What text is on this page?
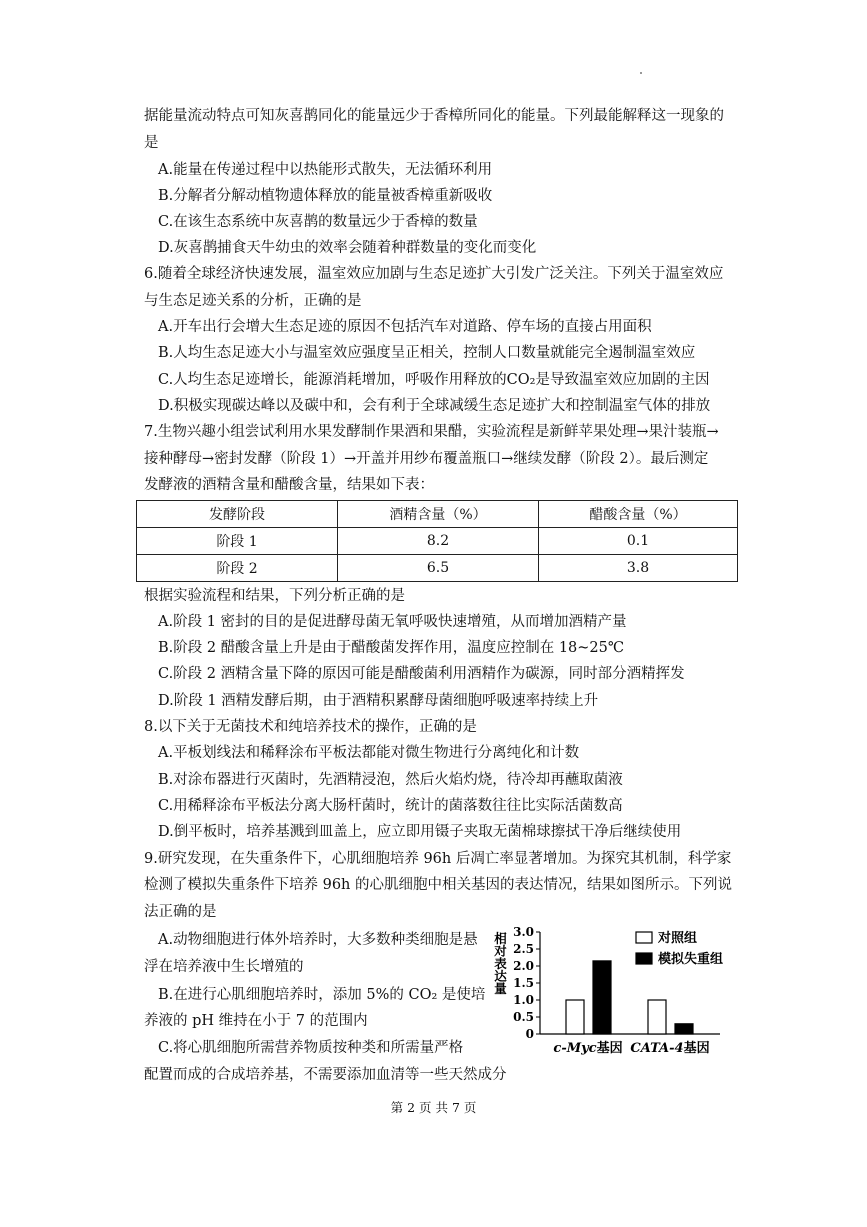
据能量流动特点可知灰喜鹊同化的能量远少于香樟所同化的能量。下列最能解释这一现象的
是
A.能量在传递过程中以热能形式散失，无法循环利用
B.分解者分解动植物遗体释放的能量被香樟重新吸收
C.在该生态系统中灰喜鹊的数量远少于香樟的数量
D.灰喜鹊捕食天牛幼虫的效率会随着种群数量的变化而变化
6.随着全球经济快速发展，温室效应加剧与生态足迹扩大引发广泛关注。下列关于温室效应
与生态足迹关系的分析，正确的是
A.开车出行会增大生态足迹的原因不包括汽车对道路、停车场的直接占用面积
B.人均生态足迹大小与温室效应强度呈正相关，控制人口数量就能完全遏制温室效应
C.人均生态足迹增长，能源消耗增加，呼吸作用释放的CO₂是导致温室效应加剧的主因
D.积极实现碳达峰以及碳中和，会有利于全球减缓生态足迹扩大和控制温室气体的排放
7.生物兴趣小组尝试利用水果发酵制作果酒和果醋，实验流程是新鲜苹果处理→果汁装瓶→
接种酵母→密封发酵（阶段 1）→开盖并用纱布覆盖瓶口→继续发酵（阶段 2）。最后测定
发酵液的酒精含量和醋酸含量，结果如下表：
发酵阶段	酒精含量（%）	醋酸含量（%）
阶段 1	8.2	0.1
阶段 2	6.5	3.8
根据实验流程和结果，下列分析正确的是
A.阶段 1 密封的目的是促进酵母菌无氧呼吸快速增殖，从而增加酒精产量
B.阶段 2 醋酸含量上升是由于醋酸菌发挥作用，温度应控制在 18~25℃
C.阶段 2 酒精含量下降的原因可能是醋酸菌利用酒精作为碳源，同时部分酒精挥发
D.阶段 1 酒精发酵后期，由于酒精积累酵母菌细胞呼吸速率持续上升
8.以下关于无菌技术和纯培养技术的操作，正确的是
A.平板划线法和稀释涂布平板法都能对微生物进行分离纯化和计数
B.对涂布器进行灭菌时，先酒精浸泡，然后火焰灼烧，待冷却再蘸取菌液
C.用稀释涂布平板法分离大肠杆菌时，统计的菌落数往往比实际活菌数高
D.倒平板时，培养基溅到皿盖上，应立即用镊子夹取无菌棉球擦拭干净后继续使用
9.研究发现，在失重条件下，心肌细胞培养 96h 后凋亡率显著增加。为探究其机制，科学家
检测了模拟失重条件下培养 96h 的心肌细胞中相关基因的表达情况，结果如图所示。下列说
法正确的是
A.动物细胞进行体外培养时，大多数种类细胞是悬
浮在培养液中生长增殖的
B.在进行心肌细胞培养时，添加 5%的 CO₂ 是使培
养液的 pH 维持在小于 7 的范围内
C.将心肌细胞所需营养物质按种类和所需量严格
配置而成的合成培养基，不需要添加血清等一些天然成分
0
0.5
1.0
1.5
2.0
2.5
3.0
相对表达量
c-Myc基因 CATA-4基因
对照组
模拟失重组
第 2 页 共 7 页
